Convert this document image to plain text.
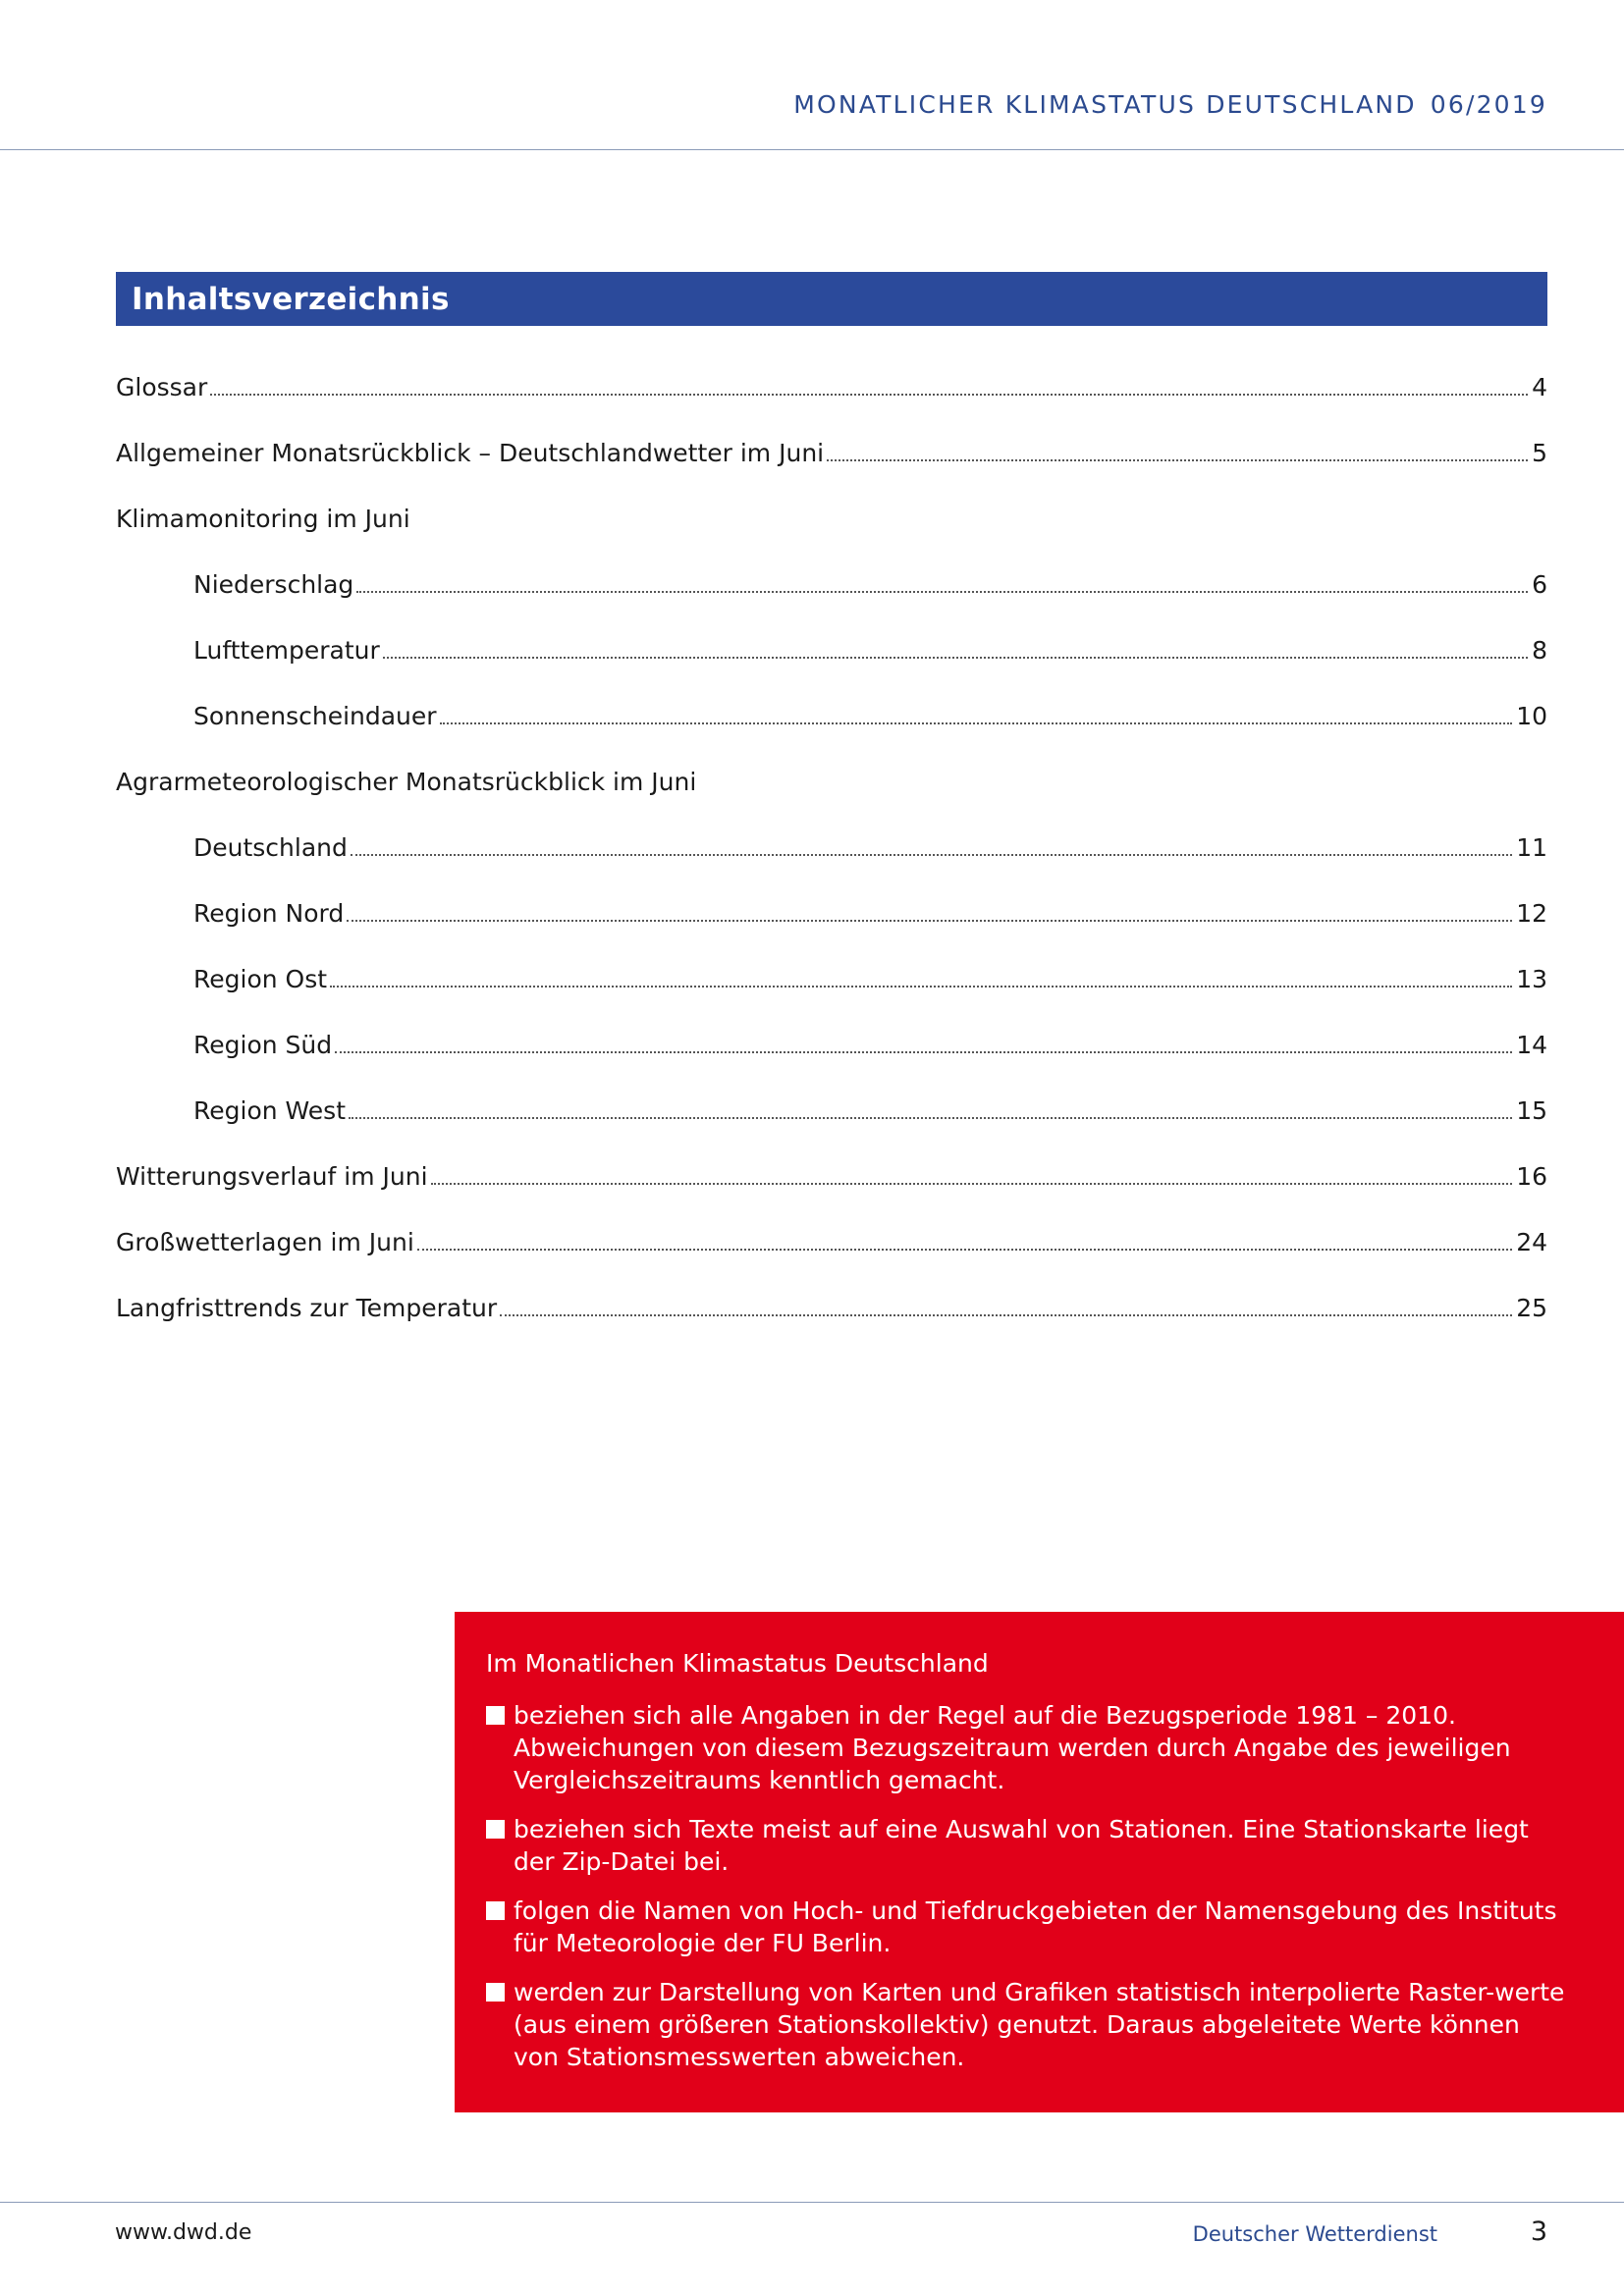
MONATLICHER KLIMASTATUS DEUTSCHLAND 06/2019
Inhaltsverzeichnis
Glossar	4
Allgemeiner Monatsrückblick – Deutschlandwetter im Juni	5
Klimamonitoring im Juni
Niederschlag	6
Lufttemperatur	8
Sonnenscheindauer	10
Agrarmeteorologischer Monatsrückblick im Juni
Deutschland	11
Region Nord	12
Region Ost	13
Region Süd	14
Region West	15
Witterungsverlauf im Juni	16
Großwetterlagen im Juni	24
Langfristtrends zur Temperatur	25
Im Monatlichen Klimastatus Deutschland
beziehen sich alle Angaben in der Regel auf die Bezugsperiode 1981 – 2010. Abweichungen von diesem Bezugszeitraum werden durch Angabe des jeweiligen Vergleichszeitraums kenntlich gemacht.
beziehen sich Texte meist auf eine Auswahl von Stationen. Eine Stationskarte liegt der Zip-Datei bei.
folgen die Namen von Hoch- und Tiefdruckgebieten der Namensgebung des Instituts für Meteorologie der FU Berlin.
werden zur Darstellung von Karten und Grafiken statistisch interpolierte Raster-werte (aus einem größeren Stationskollektiv) genutzt. Daraus abgeleitete Werte können von Stationsmesswerten abweichen.
www.dwd.de	Deutscher Wetterdienst	3
